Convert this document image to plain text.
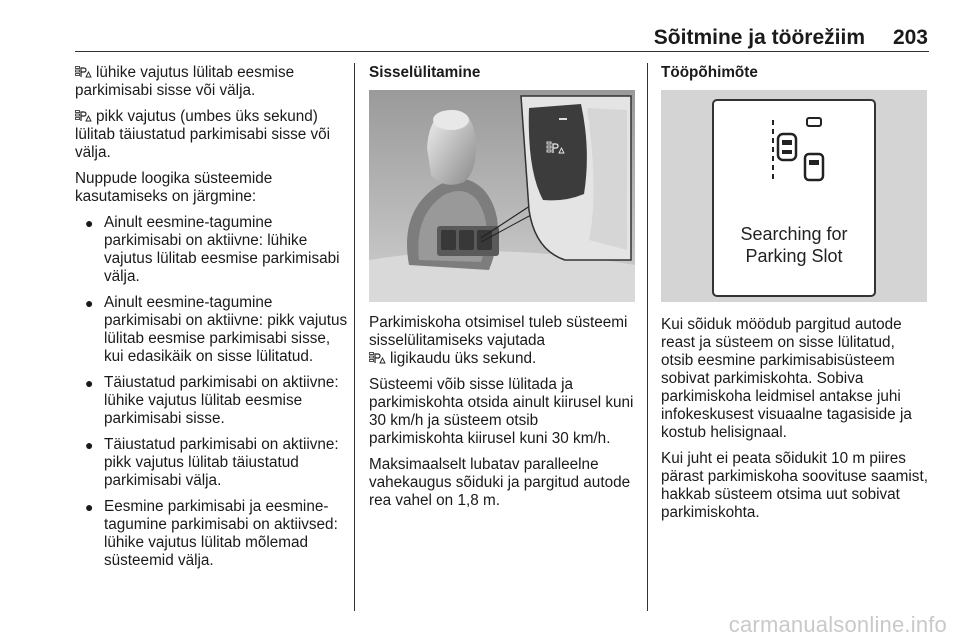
Sõitmine ja töörežiim	203

lühike vajutus lülitab eesmise parkimisabi sisse või välja.

pikk vajutus (umbes üks sekund) lülitab täiustatud parkimisabi sisse või välja.

Nuppude loogika süsteemide kasutamiseks on järgmine:

● Ainult eesmine-tagumine parkimisabi on aktiivne: lühike vajutus lülitab eesmise parkimisabi välja.
● Ainult eesmine-tagumine parkimisabi on aktiivne: pikk vajutus lülitab eesmise parkimisabi sisse, kui edasikäik on sisse lülitatud.
● Täiustatud parkimisabi on aktiivne: lühike vajutus lülitab eesmise parkimisabi sisse.
● Täiustatud parkimisabi on aktiivne: pikk vajutus lülitab täiustatud parkimisabi välja.
● Eesmine parkimisabi ja eesmine-tagumine parkimisabi on aktiivsed: lühike vajutus lülitab mõlemad süsteemid välja.

Sisselülitamine

Parkimiskoha otsimisel tuleb süsteemi sisselülitamiseks vajutada
ligikaudu üks sekund.

Süsteemi võib sisse lülitada ja parkimiskohta otsida ainult kiirusel kuni 30 km/h ja süsteem otsib parkimiskohta kiirusel kuni 30 km/h.

Maksimaalselt lubatav paralleelne vahekaugus sõiduki ja pargitud autode rea vahel on 1,8 m.

Tööpõhimõte

Searching for
Parking Slot

Kui sõiduk möödub pargitud autode reast ja süsteem on sisse lülitatud, otsib eesmine parkimisabisüsteem sobivat parkimiskohta. Sobiva parkimiskoha leidmisel antakse juhi infokeskusest visuaalne tagasiside ja kostub helisignaal.

Kui juht ei peata sõidukit 10 m piires pärast parkimiskoha soovituse saamist, hakkab süsteem otsima uut sobivat parkimiskohta.

carmanualsonline.info
